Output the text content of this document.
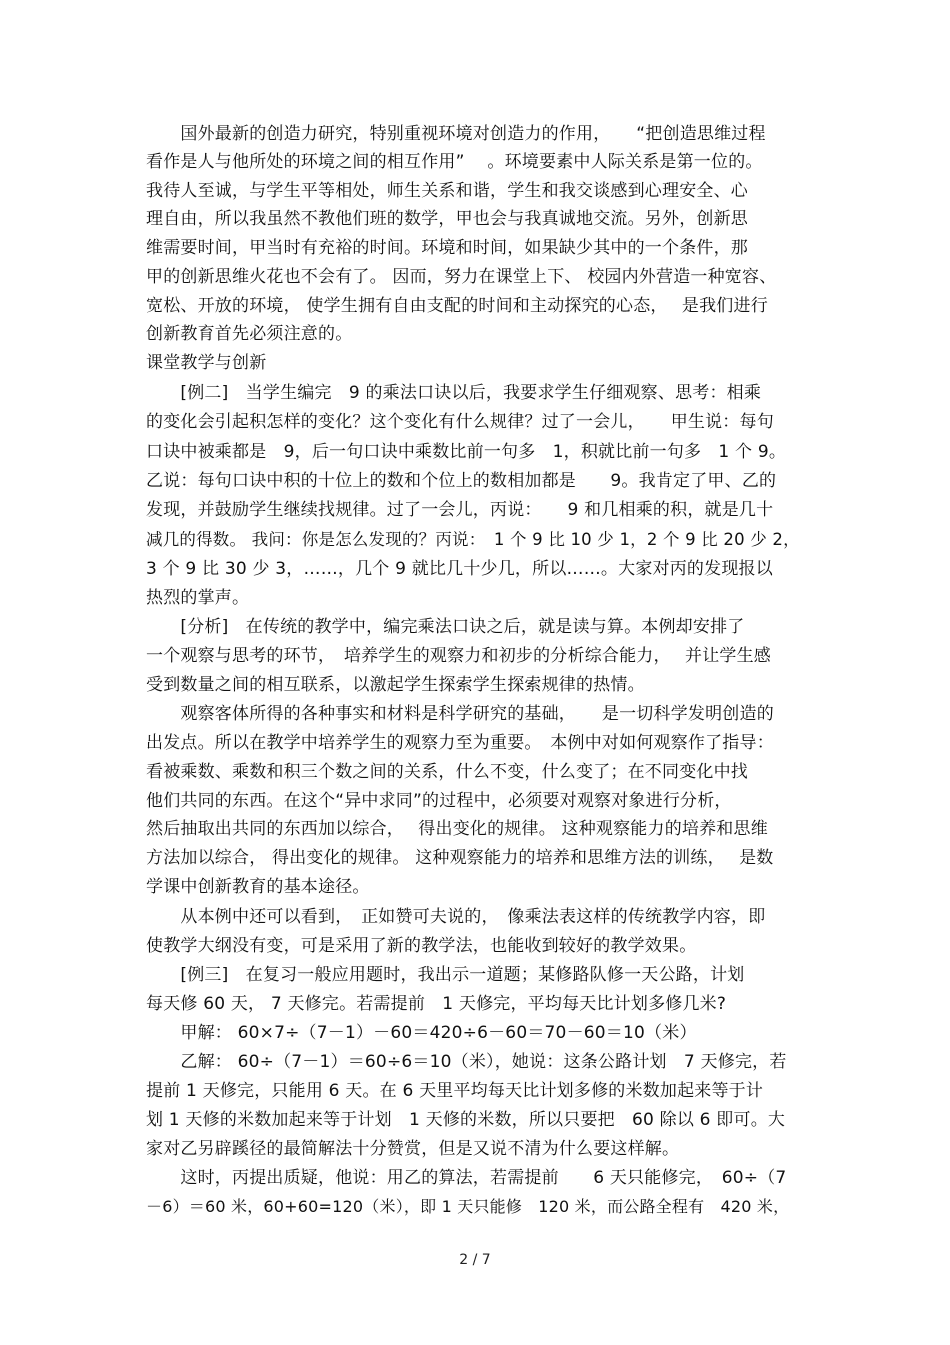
　　国外最新的创造力研究，特别重视环境对创造力的作用，　　“把创造思维过程
看作是人与他所处的环境之间的相互作用”　 。环境要素中人际关系是第一位的。
我待人至诚，与学生平等相处，师生关系和谐，学生和我交谈感到心理安全、心
理自由，所以我虽然不教他们班的数学，甲也会与我真诚地交流。另外，创新思
维需要时间，甲当时有充裕的时间。环境和时间，如果缺少其中的一个条件，那
甲的创新思维火花也不会有了。 因而，努力在课堂上下、 校园内外营造一种宽容、
宽松、开放的环境， 使学生拥有自由支配的时间和主动探究的心态，　 是我们进行
创新教育首先必须注意的。
课堂教学与创新
　　[例二]　当学生编完　9 的乘法口诀以后，我要求学生仔细观察、思考：相乘
的变化会引起积怎样的变化？这个变化有什么规律？过了一会儿，　　甲生说：每句
口诀中被乘都是　9，后一句口诀中乘数比前一句多　1，积就比前一句多　1 个 9。
乙说：每句口诀中积的十位上的数和个位上的数相加都是　　9。我肯定了甲、乙的
发现，并鼓励学生继续找规律。过了一会儿，丙说：　　9 和几相乘的积，就是几十
减几的得数。 我问：你是怎么发现的？丙说：　1 个 9 比 10 少 1，2 个 9 比 20 少 2，
3 个 9 比 30 少 3，……，几个 9 就比几十少几，所以……。大家对丙的发现报以
热烈的掌声。
　　[分析]　在传统的教学中，编完乘法口诀之后，就是读与算。本例却安排了
一个观察与思考的环节，　培养学生的观察力和初步的分析综合能力，　 并让学生感
受到数量之间的相互联系，以激起学生探索学生探索规律的热情。
　　观察客体所得的各种事实和材料是科学研究的基础，　　是一切科学发明创造的
出发点。所以在教学中培养学生的观察力至为重要。　本例中对如何观察作了指导：
看被乘数、乘数和积三个数之间的关系，什么不变，什么变了；在不同变化中找
他们共同的东西。在这个“异中求同”的过程中，必须要对观察对象进行分析，
然后抽取出共同的东西加以综合，　 得出变化的规律。 这种观察能力的培养和思维
方法加以综合， 得出变化的规律。 这种观察能力的培养和思维方法的训练，　 是数
学课中创新教育的基本途径。
　　从本例中还可以看到，　正如赞可夫说的，　像乘法表这样的传统教学内容，即
使教学大纲没有变，可是采用了新的教学法，也能收到较好的教学效果。
　　[例三]　在复习一般应用题时，我出示一道题；某修路队修一天公路，计划
每天修 60 天， 7 天修完。若需提前　1 天修完，平均每天比计划多修几米?
　　甲解： 60×7÷（7－1）－60＝420÷6－60＝70－60＝10（米）
　　乙解： 60÷（7－1）＝60÷6＝10（米），她说：这条公路计划　7 天修完，若
提前 1 天修完，只能用 6 天。在 6 天里平均每天比计划多修的米数加起来等于计
划 1 天修的米数加起来等于计划　1 天修的米数，所以只要把　60 除以 6 即可。大
家对乙另辟蹊径的最简解法十分赞赏，但是又说不清为什么要这样解。
　　这时，丙提出质疑，他说：用乙的算法，若需提前　　6 天只能修完，　60÷（7
－6）＝60 米，60+60=120（米），即 1 天只能修　120 米，而公路全程有　420 米，
2 / 7
